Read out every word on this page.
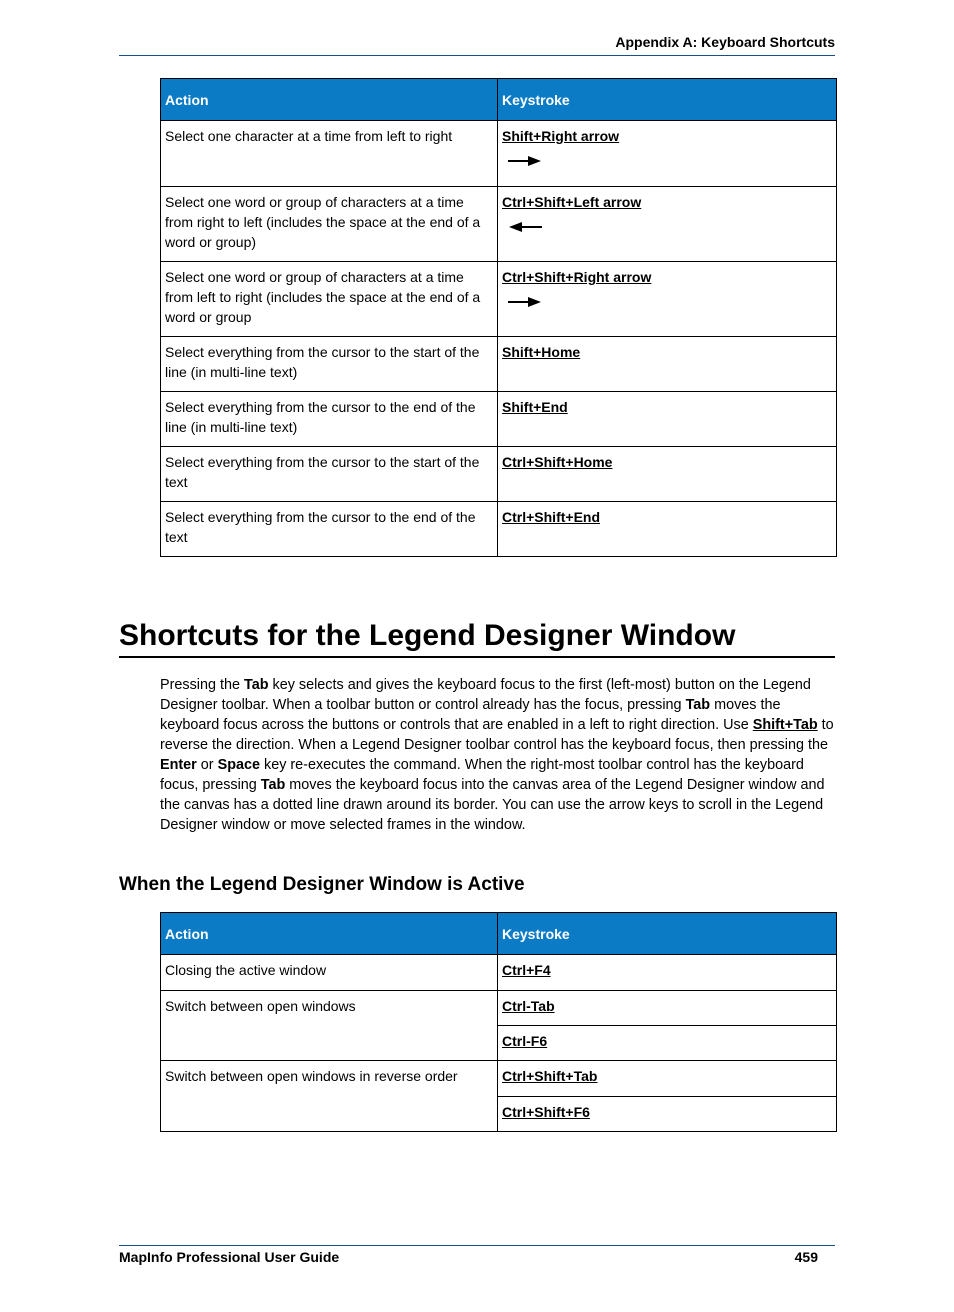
Appendix A: Keyboard Shortcuts
Action	Keystroke

Select one character at a time from left to right	Shift+Right arrow

Select one word or group of characters at a time from right to left (includes the space at the end of a word or group)	Ctrl+Shift+Left arrow

Select one word or group of characters at a time from left to right (includes the space at the end of a word or group	Ctrl+Shift+Right arrow

Select everything from the cursor to the start of the line (in multi-line text)	Shift+Home

Select everything from the cursor to the end of the line (in multi-line text)	Shift+End

Select everything from the cursor to the start of the text	Ctrl+Shift+Home

Select everything from the cursor to the end of the text	Ctrl+Shift+End
Shortcuts for the Legend Designer Window

Pressing the Tab key selects and gives the keyboard focus to the first (left-most) button on the Legend Designer toolbar. When a toolbar button or control already has the focus, pressing Tab moves the keyboard focus across the buttons or controls that are enabled in a left to right direction. Use Shift+Tab to reverse the direction. When a Legend Designer toolbar control has the keyboard focus, then pressing the Enter or Space key re-executes the command. When the right-most toolbar control has the keyboard focus, pressing Tab moves the keyboard focus into the canvas area of the Legend Designer window and the canvas has a dotted line drawn around its border. You can use the arrow keys to scroll in the Legend Designer window or move selected frames in the window.

When the Legend Designer Window is Active
Action	Keystroke

Closing the active window	Ctrl+F4

Switch between open windows	Ctrl-Tab

	Ctrl-F6

Switch between open windows in reverse order	Ctrl+Shift+Tab

	Ctrl+Shift+F6
MapInfo Professional User Guide	459
